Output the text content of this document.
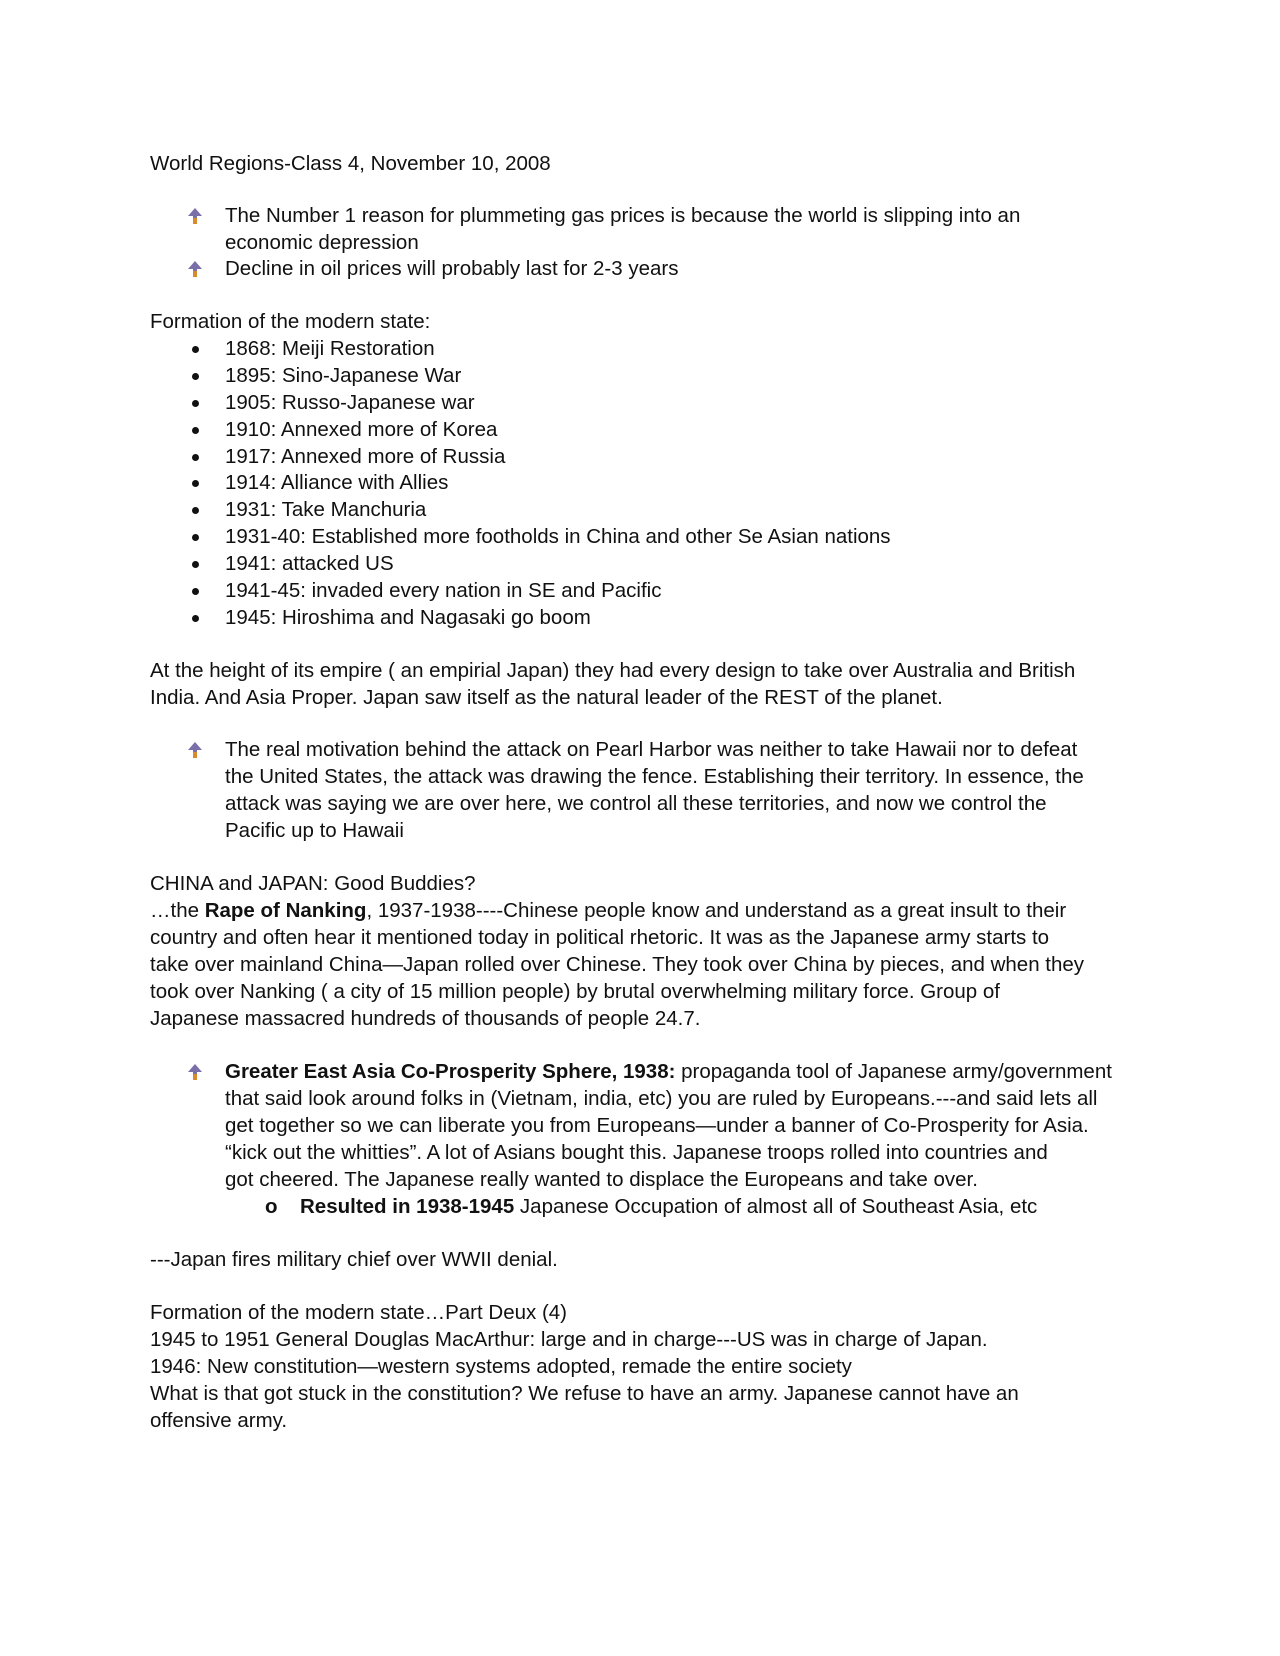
World Regions-Class 4, November 10, 2008
The Number 1 reason for plummeting gas prices is because the world is slipping into an
economic depression
Decline in oil prices will probably last for 2-3 years
Formation of the modern state:
1868: Meiji Restoration
1895: Sino-Japanese War
1905: Russo-Japanese war
1910: Annexed more of Korea
1917: Annexed more of Russia
1914: Alliance with Allies
1931: Take Manchuria
1931-40: Established more footholds in China and other Se Asian nations
1941: attacked US
1941-45: invaded every nation in SE and Pacific
1945: Hiroshima and Nagasaki go boom
At the height of its empire ( an empirial Japan) they had every design to take over Australia and British
India. And Asia Proper. Japan saw itself as the natural leader of the REST of the planet.
The real motivation behind the attack on Pearl Harbor was neither to take Hawaii nor to defeat
the United States, the attack was drawing the fence. Establishing their territory. In essence, the
attack was saying we are over here, we control all these territories, and now we control the
Pacific up to Hawaii
CHINA and JAPAN: Good Buddies?
…the Rape of Nanking, 1937-1938----Chinese people know and understand as a great insult to their
country and often hear it mentioned today in political rhetoric. It was as the Japanese army starts to
take over mainland China—Japan rolled over Chinese. They took over China by pieces, and when they
took over Nanking ( a city of 15 million people) by brutal overwhelming military force. Group of
Japanese massacred hundreds of thousands of people 24.7.
Greater East Asia Co-Prosperity Sphere, 1938: propaganda tool of Japanese army/government
that said look around folks in (Vietnam, india, etc) you are ruled by Europeans.---and said lets all
get together so we can liberate you from Europeans—under a banner of Co-Prosperity for Asia.
“kick out the whitties”. A lot of Asians bought this. Japanese troops rolled into countries and
got cheered. The Japanese really wanted to displace the Europeans and take over.
o Resulted in 1938-1945 Japanese Occupation of almost all of Southeast Asia, etc
---Japan fires military chief over WWII denial.
Formation of the modern state…Part Deux (4)
1945 to 1951 General Douglas MacArthur: large and in charge---US was in charge of Japan.
1946: New constitution—western systems adopted, remade the entire society
What is that got stuck in the constitution? We refuse to have an army. Japanese cannot have an
offensive army.
